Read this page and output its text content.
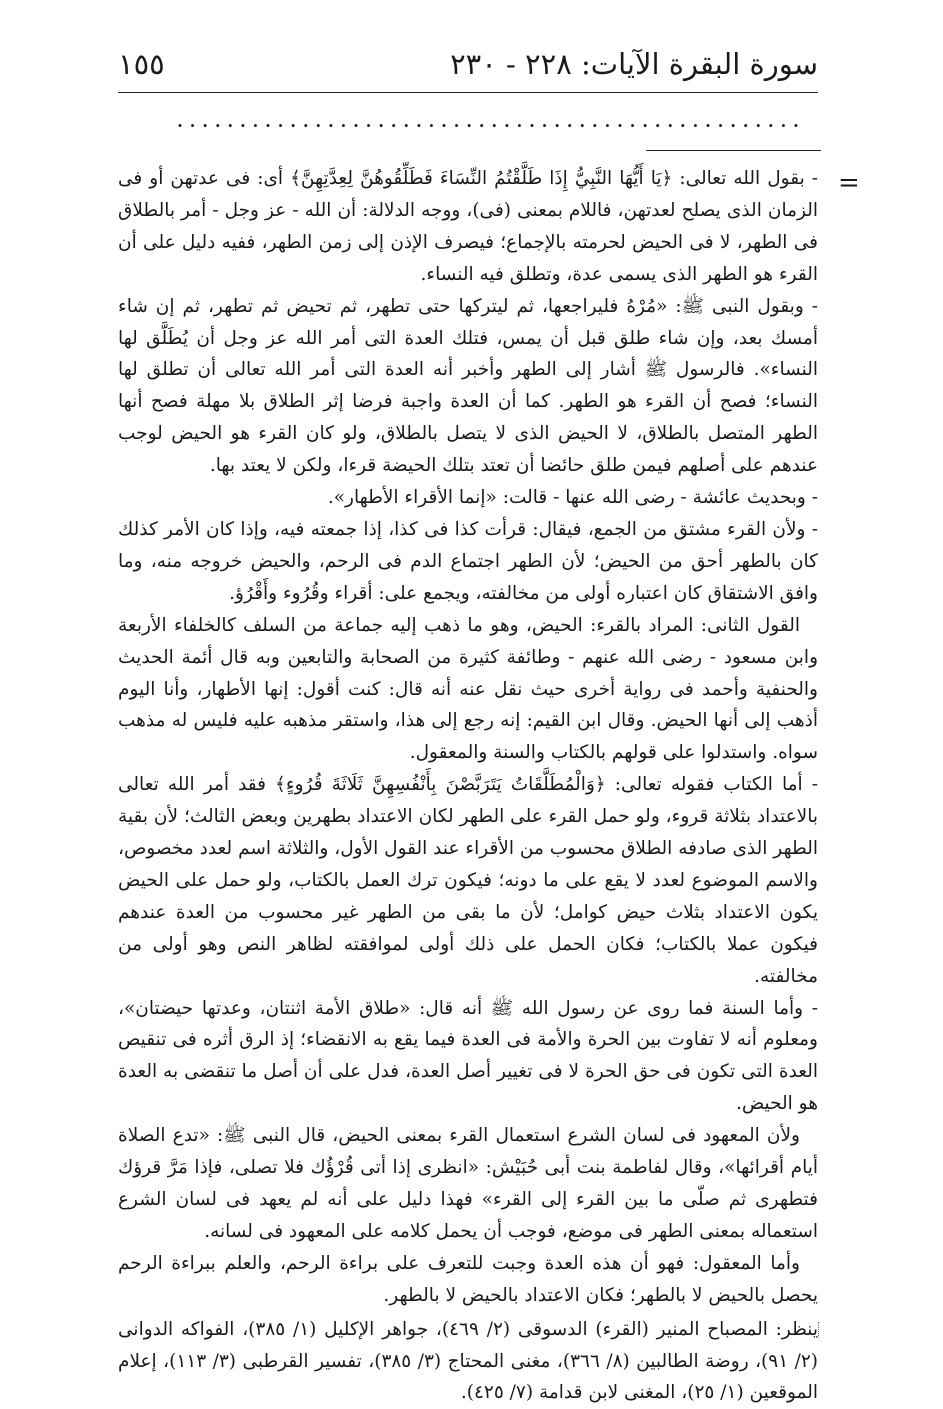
سورة البقرة الآيات: ٢٢٨ - ٢٣٠
١٥٥
..................................................
=

- بقول الله تعالى: ﴿يَا أَيُّهَا النَّبِيُّ إِذَا طَلَّقْتُمُ النِّسَاءَ فَطَلِّقُوهُنَّ لِعِدَّتِهِنَّ﴾ أى: فى عدتهن أو فى الزمان الذى يصلح لعدتهن، فاللام بمعنى (فى)، ووجه الدلالة: أن الله - عز وجل - أمر بالطلاق فى الطهر، لا فى الحيض لحرمته بالإجماع؛ فيصرف الإذن إلى زمن الطهر، ففيه دليل على أن القرء هو الطهر الذى يسمى عدة، وتطلق فيه النساء.

- وبقول النبى ﷺ: «مُرْهُ فليراجعها، ثم ليتركها حتى تطهر، ثم تحيض ثم تطهر، ثم إن شاء أمسك بعد، وإن شاء طلق قبل أن يمس، فتلك العدة التى أمر الله عز وجل أن يُطَلَّق لها النساء». فالرسول ﷺ أشار إلى الطهر وأخبر أنه العدة التى أمر الله تعالى أن تطلق لها النساء؛ فصح أن القرء هو الطهر. كما أن العدة واجبة فرضا إثر الطلاق بلا مهلة فصح أنها الطهر المتصل بالطلاق، لا الحيض الذى لا يتصل بالطلاق، ولو كان القرء هو الحيض لوجب عندهم على أصلهم فيمن طلق حائضا أن تعتد بتلك الحيضة قرءا، ولكن لا يعتد بها.

- وبحديث عائشة - رضى الله عنها - قالت: «إنما الأقراء الأطهار».

- ولأن القرء مشتق من الجمع، فيقال: قرأت كذا فى كذا، إذا جمعته فيه، وإذا كان الأمر كذلك كان بالطهر أحق من الحيض؛ لأن الطهر اجتماع الدم فى الرحم، والحيض خروجه منه، وما وافق الاشتقاق كان اعتباره أولى من مخالفته، ويجمع على: أقراء وقُرُوء وأَقْرُؤ.

القول الثانى: المراد بالقرء: الحيض، وهو ما ذهب إليه جماعة من السلف كالخلفاء الأربعة وابن مسعود - رضى الله عنهم - وطائفة كثيرة من الصحابة والتابعين وبه قال أئمة الحديث والحنفية وأحمد فى رواية أخرى حيث نقل عنه أنه قال: كنت أقول: إنها الأطهار، وأنا اليوم أذهب إلى أنها الحيض. وقال ابن القيم: إنه رجع إلى هذا، واستقر مذهبه عليه فليس له مذهب سواه. واستدلوا على قولهم بالكتاب والسنة والمعقول.

- أما الكتاب فقوله تعالى: ﴿وَالْمُطَلَّقَاتُ يَتَرَبَّصْنَ بِأَنْفُسِهِنَّ ثَلَاثَةَ قُرُوءٍ﴾ فقد أمر الله تعالى بالاعتداد بثلاثة قروء، ولو حمل القرء على الطهر لكان الاعتداد بطهرين وبعض الثالث؛ لأن بقية الطهر الذى صادفه الطلاق محسوب من الأقراء عند القول الأول، والثلاثة اسم لعدد مخصوص، والاسم الموضوع لعدد لا يقع على ما دونه؛ فيكون ترك العمل بالكتاب، ولو حمل على الحيض يكون الاعتداد بثلاث حيض كوامل؛ لأن ما بقى من الطهر غير محسوب من العدة عندهم فيكون عملا بالكتاب؛ فكان الحمل على ذلك أولى لموافقته لظاهر النص وهو أولى من مخالفته.

- وأما السنة فما روى عن رسول الله ﷺ أنه قال: «طلاق الأمة اثنتان، وعدتها حيضتان»، ومعلوم أنه لا تفاوت بين الحرة والأمة فى العدة فيما يقع به الانقضاء؛ إذ الرق أثره فى تنقيص العدة التى تكون فى حق الحرة لا فى تغيير أصل العدة، فدل على أن أصل ما تنقضى به العدة هو الحيض.

ولأن المعهود فى لسان الشرع استعمال القرء بمعنى الحيض، قال النبى ﷺ: «تدع الصلاة أيام أقرائها»، وقال لفاطمة بنت أبى حُبَيْش: «انظرى إذا أتى قُرْؤُك فلا تصلى، فإذا مَرَّ قرؤك فتطهرى ثم صلّى ما بين القرء إلى القرء» فهذا دليل على أنه لم يعهد فى لسان الشرع استعماله بمعنى الطهر فى موضع، فوجب أن يحمل كلامه على المعهود فى لسانه.

وأما المعقول: فهو أن هذه العدة وجبت للتعرف على براءة الرحم، والعلم ببراءة الرحم يحصل بالحيض لا بالطهر؛ فكان الاعتداد بالحيض لا بالطهر.

ينظر: المصباح المنير (القرء) الدسوقى (٢/ ٤٦٩)، جواهر الإكليل (١/ ٣٨٥)، الفواكه الدوانى (٢/ ٩١)، روضة الطالبين (٨/ ٣٦٦)، مغنى المحتاج (٣/ ٣٨٥)، تفسير القرطبى (٣/ ١١٣)، إعلام الموقعين (١/ ٢٥)، المغنى لابن قدامة (٧/ ٤٢٥).
